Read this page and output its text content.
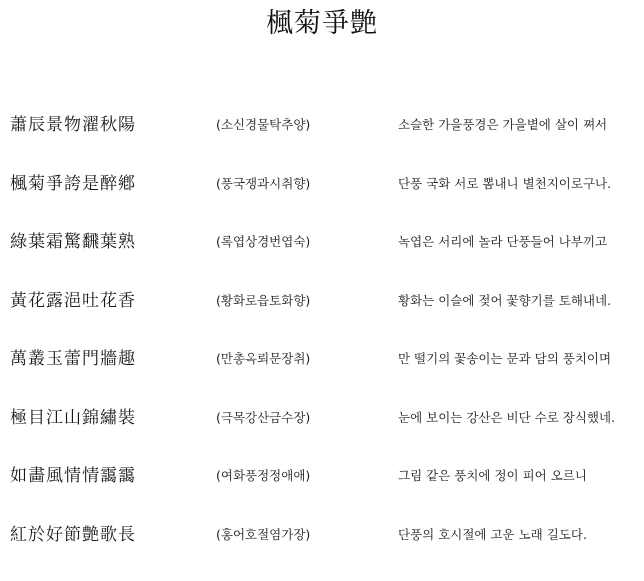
楓菊爭艶
蕭辰景物濯秋陽	(소신경물탁추양)	소슬한 가을풍경은 가을볕에 살이 쪄서
楓菊爭誇是醉鄕	(풍국쟁과시취향)	단풍 국화 서로 뽐내니 별천지이로구나.
綠葉霜驚飜葉熟	(록엽상경번엽숙)	녹엽은 서리에 놀라 단풍들어 나부끼고
黃花露浥吐花香	(황화로읍토화향)	황화는 이슬에 젖어 꽃향기를 토해내네.
萬叢玉蕾門牆趣	(만총옥뢰문장취)	만 떨기의 꽃송이는 문과 담의 풍치이며
極目江山錦繡裝	(극목강산금수장)	눈에 보이는 강산은 비단 수로 장식했네.
如畵風情情靄靄	(여화풍정정애애)	그림 같은 풍치에 정이 피어 오르니
紅於好節艶歌長	(홍어호절염가장)	단풍의 호시절에 고운 노래 길도다.
